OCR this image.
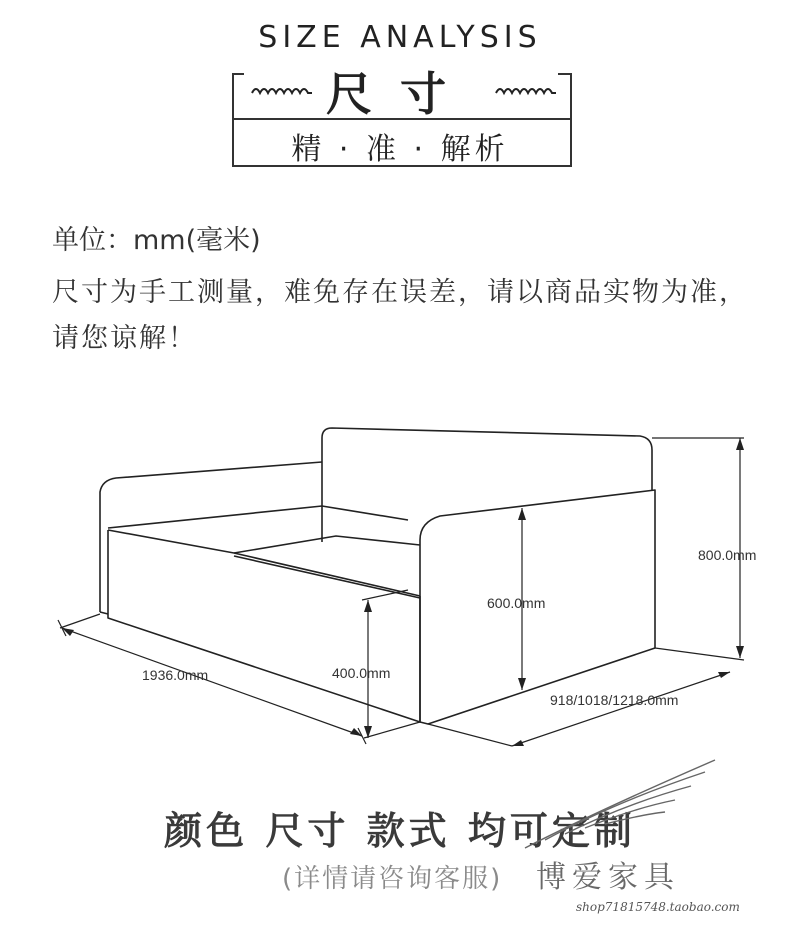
SIZE ANALYSIS
尺寸
精 · 准 · 解析
单位：mm(毫米)
尺寸为手工测量，难免存在误差，请以商品实物为准，请您谅解！
1936.0mm	400.0mm
600.0mm
800.0mm
918/1018/1218.0mm
颜色 尺寸 款式 均可定制
(详情请咨询客服) 博爱家具
shop71815748.taobao.com
